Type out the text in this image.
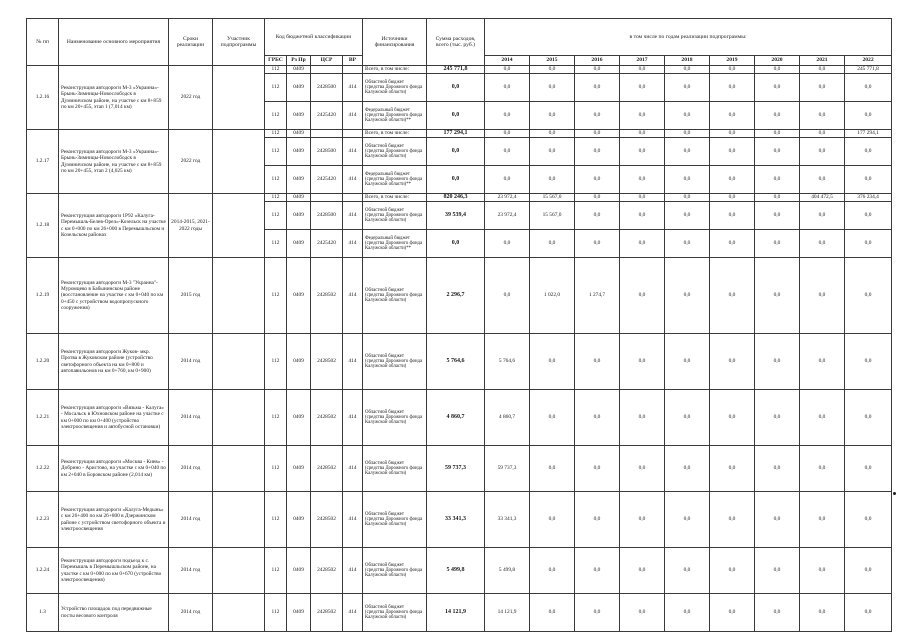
№ пп	Наименование основного мероприятия	Сроки реализации	Участник подпрограммы	Код бюджетной классификации				Источники финансирования	Сумма расходов, всего (тыс. руб.)	в том числе по годам реализации подпрограммы:								
				ГРБС	Рз Пр	ЦСР	ВР			2014	2015	2016	2017	2018	2019	2020	2021	2022
1.2.16	Реконструкция автодороги М-3 «Украина»-Брынь-Зимницы-Новослободск в Думиничском районе, на участке с км 8+859 по км 20+455, этап 1 (7,014 км)	2022 год		112	0409			Всего, в том числе:	245 771,8	0,0	0,0	0,0	0,0	0,0	0,0	0,0	0,0	245 771,8
				112	0409	2428500	414	Областной бюджет (средства Дорожного фонда Калужской области)	0,0	0,0	0,0	0,0	0,0	0,0	0,0	0,0	0,0	0,0
				112	0409	2425420	414	Федеральный бюджет (средства Дорожного фонда Калужской области)**	0,0	0,0	0,0	0,0	0,0	0,0	0,0	0,0	0,0	0,0
1.2.17	Реконструкция автодороги М-3 «Украина»-Брынь-Зимницы-Новослободск в Думиничском районе, на участке с км 8+859 по км 20+455, этап 2 (4,025 км)	2022 год		112	0409			Всего, в том числе:	177 294,1	0,0	0,0	0,0	0,0	0,0	0,0	0,0	0,0	177 294,1
				112	0409	2428500	414	Областной бюджет (средства Дорожного фонда Калужской области)	0,0	0,0	0,0	0,0	0,0	0,0	0,0	0,0	0,0	0,0
				112	0409	2425420	414	Федеральный бюджет (средства Дорожного фонда Калужской области)**	0,0	0,0	0,0	0,0	0,0	0,0	0,0	0,0	0,0	0,0
1.2.18	Реконструкция автодороги 1Р92 «Калуга-Перемышль-Белев-Орел»-Козельск на участке с км 0+000 по км 26+000 в Перемышльском и Козельском районах	2014-2015, 2021-2022 годы		112	0409			Всего, в том числе:	820 246,3	23 972,4	15 567,0	0,0	0,0	0,0	0,0	0,0	404 472,5	376 234,4
				112	0409	2428500	414	Областной бюджет (средства Дорожного фонда Калужской области)	39 539,4	23 972,4	15 567,0	0,0	0,0	0,0	0,0	0,0	0,0	0,0
				112	0409	2425420	414	Федеральный бюджет (средства Дорожного фонда Калужской области)**	0,0	0,0	0,0	0,0	0,0	0,0	0,0	0,0	0,0	0,0
1.2.19	Реконструкция автодороги М-3 "Украина"-Муромцево в Бабынинском районе (восстановление на участке с км 0+040 по км 0+450 с устройством водопропускного сооружения)	2015 год		112	0409	2428502	414	Областной бюджет (средства Дорожного фонда Калужской области)	2 296,7	0,0	1 022,0	1 274,7	0,0	0,0	0,0	0,0	0,0	0,0
1.2.20	Реконструкция автодороги Жуков- мкр. Протва в Жуковском районе (устройство светофорного объекта на км 0+800 и автопавильонов на км 0+760, км 0+900)	2014 год		112	0409	2428502	414	Областной бюджет (средства Дорожного фонда Калужской области)	5 764,6	5 764,6	0,0	0,0	0,0	0,0	0,0	0,0	0,0	0,0
1.2.21	Реконструкция автодороги «Вязьма - Калуга» - Мосальск в Юхновском районе на участке с км 0+000 по км 0+400 (устройство электроосвещения и автобусной остановки)	2014 год		112	0409	2428502	414	Областной бюджет (средства Дорожного фонда Калужской области)	4 860,7	4 860,7	0,0	0,0	0,0	0,0	0,0	0,0	0,0	0,0
1.2.22	Реконструкция автодороги «Москва - Киев» - Добрино - Аристово, на участке с км 0+040 по км 2+040 в Боровском районе (2,014 км)	2014 год		112	0409	2428502	414	Областной бюджет (средства Дорожного фонда Калужской области)	59 737,3	59 737,3	0,0	0,0	0,0	0,0	0,0	0,0	0,0	0,0
1.2.23	Реконструкция автодороги «Калуга-Медынь» с км 26+400 по км 26+800 в Дзержинском районе с устройством светофорного объекта и электроосвещения	2014 год		112	0409	2428502	414	Областной бюджет (средства Дорожного фонда Калужской области)	33 341,3	33 341,3	0,0	0,0	0,0	0,0	0,0	0,0	0,0	0,0
1.2.24	Реконструкция автодороги подъезд к с. Перемышль в Перемышльском районе, на участке с км 0+000 по км 0+670 (устройство электроосвещения)	2014 год		112	0409	2428502	414	Областной бюджет (средства Дорожного фонда Калужской области)	5 499,8	5 499,8	0,0	0,0	0,0	0,0	0,0	0,0	0,0	0,0
1.3	Устройство площадок под передвижные посты весового контроля	2014 год		112	0409	2428502	414	Областной бюджет (средства Дорожного фонда Калужской области)	14 121,9	14 121,9	0,0	0,0	0,0	0,0	0,0	0,0	0,0	0,0
